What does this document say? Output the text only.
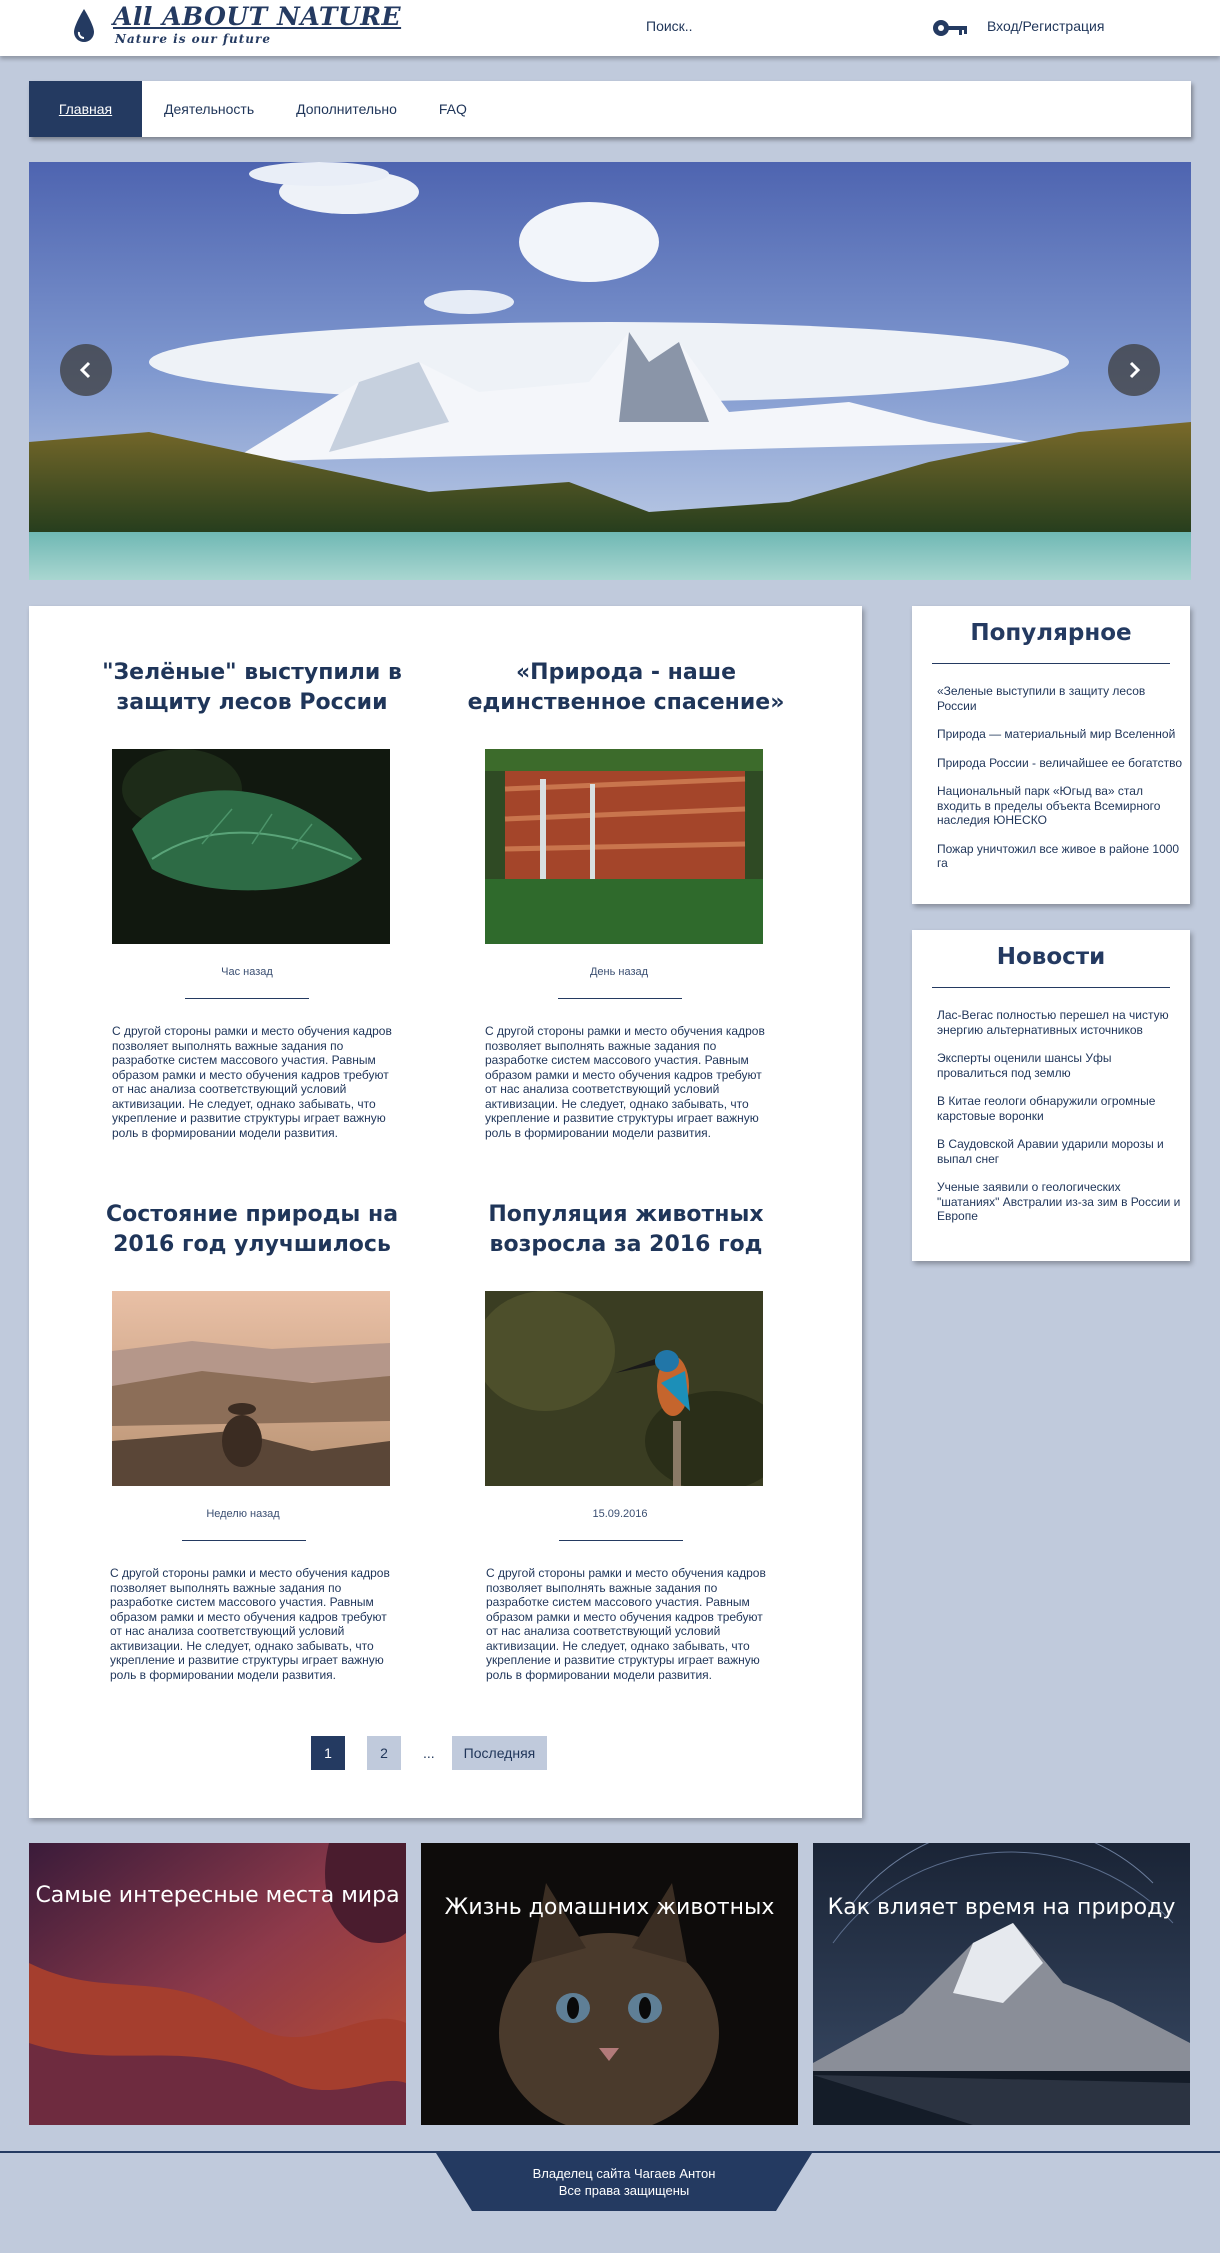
All ABOUT NATURE
Nature is our future
Поиск..
Вход/Регистрация
Главная	Деятельность	Дополнительно	FAQ
"Зелёные" выступили в защиту лесов России
Час назад
С другой стороны рамки и место обучения кадров позволяет выполнять важные задания по разработке систем массового участия. Равным образом рамки и место обучения кадров требуют от нас анализа соответствующий условий активизации. Не следует, однако забывать, что укрепление и развитие структуры играет важную роль в формировании модели развития.
«Природа - наше единственное спасение»
День назад
С другой стороны рамки и место обучения кадров позволяет выполнять важные задания по разработке систем массового участия. Равным образом рамки и место обучения кадров требуют от нас анализа соответствующий условий активизации. Не следует, однако забывать, что укрепление и развитие структуры играет важную роль в формировании модели развития.
Состояние природы на 2016 год улучшилось
Неделю назад
С другой стороны рамки и место обучения кадров позволяет выполнять важные задания по разработке систем массового участия. Равным образом рамки и место обучения кадров требуют от нас анализа соответствующий условий активизации. Не следует, однако забывать, что укрепление и развитие структуры играет важную роль в формировании модели развития.
Популяция животных возросла за 2016 год
15.09.2016
С другой стороны рамки и место обучения кадров позволяет выполнять важные задания по разработке систем массового участия. Равным образом рамки и место обучения кадров требуют от нас анализа соответствующий условий активизации. Не следует, однако забывать, что укрепление и развитие структуры играет важную роль в формировании модели развития.
1	2	...	Последняя
Популярное
«Зеленые выступили в защиту лесов России
Природа — материальный мир Вселенной
Природа России - величайшее ее богатство
Национальный парк «Югыд ва» стал входить в пределы объекта Всемирного наследия ЮНЕСКО
Пожар уничтожил все живое в районе 1000 га
Новости
Лас-Вегас полностью перешел на чистую энергию альтернативных источников
Эксперты оценили шансы Уфы провалиться под землю
В Китае геологи обнаружили огромные карстовые воронки
В Саудовской Аравии ударили морозы и выпал снег
Ученые заявили о геологических "шатаниях" Австралии из-за зим в России и Европе
Самые интересные места мира	Жизнь домашних животных	Как влияет время на природу
Владелец сайта Чагаев Антон
Все права защищены
